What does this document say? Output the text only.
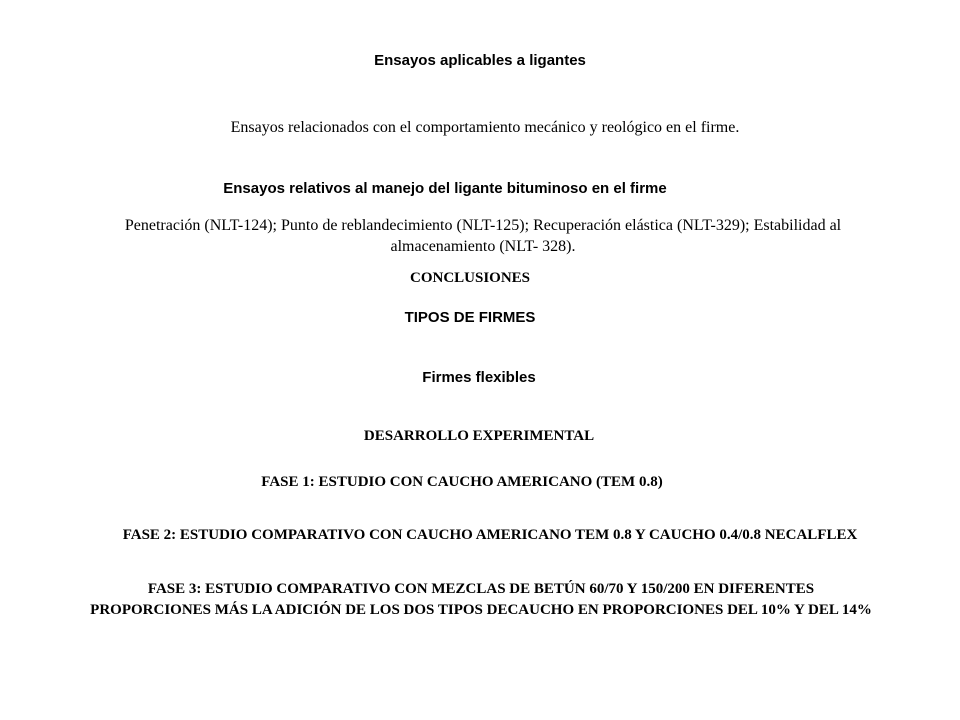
Ensayos aplicables a ligantes
Ensayos relacionados con el comportamiento mecánico y reológico en el firme.
Ensayos relativos al manejo del ligante bituminoso en el firme
Penetración (NLT-124); Punto de reblandecimiento (NLT-125); Recuperación elástica (NLT-329); Estabilidad al almacenamiento (NLT- 328).
CONCLUSIONES
TIPOS DE FIRMES
Firmes flexibles
DESARROLLO EXPERIMENTAL
FASE 1: ESTUDIO CON CAUCHO AMERICANO (TEM 0.8)
FASE 2: ESTUDIO COMPARATIVO CON CAUCHO AMERICANO TEM 0.8 Y CAUCHO 0.4/0.8 NECALFLEX
FASE 3: ESTUDIO COMPARATIVO CON MEZCLAS DE BETÚN 60/70 Y 150/200 EN DIFERENTES PROPORCIONES MÁS LA ADICIÓN DE LOS DOS TIPOS DECAUCHO EN PROPORCIONES DEL 10% Y DEL 14%
